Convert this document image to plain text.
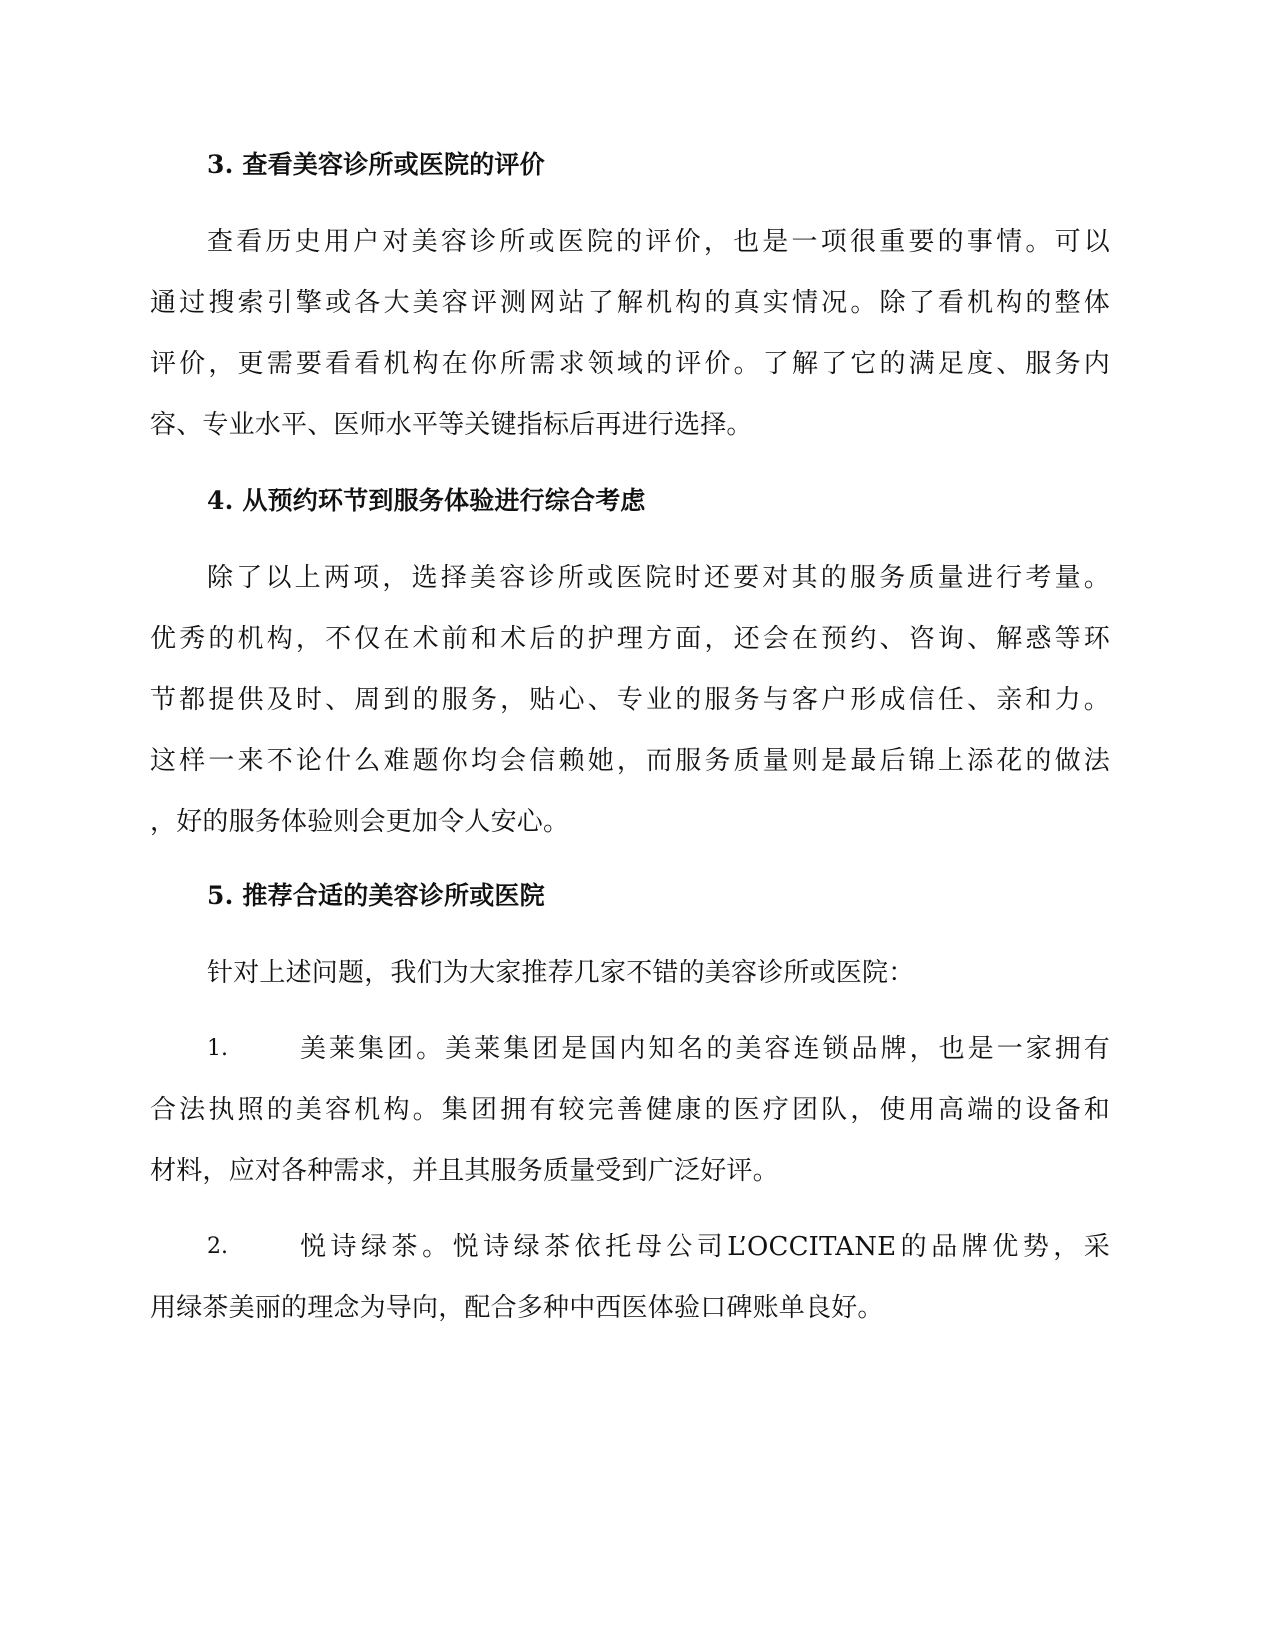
3. 查看美容诊所或医院的评价
查看历史用户对美容诊所或医院的评价，也是一项很重要的事情。可以
通过搜索引擎或各大美容评测网站了解机构的真实情况。除了看机构的整体
评价，更需要看看机构在你所需求领域的评价。了解了它的满足度、服务内
容、专业水平、医师水平等关键指标后再进行选择。
4. 从预约环节到服务体验进行综合考虑
除了以上两项，选择美容诊所或医院时还要对其的服务质量进行考量。
优秀的机构，不仅在术前和术后的护理方面，还会在预约、咨询、解惑等环
节都提供及时、周到的服务，贴心、专业的服务与客户形成信任、亲和力。
这样一来不论什么难题你均会信赖她，而服务质量则是最后锦上添花的做法
，好的服务体验则会更加令人安心。
5. 推荐合适的美容诊所或医院
针对上述问题，我们为大家推荐几家不错的美容诊所或医院：
1.	美莱集团。美莱集团是国内知名的美容连锁品牌，也是一家拥有
合法执照的美容机构。集团拥有较完善健康的医疗团队，使用高端的设备和
材料，应对各种需求，并且其服务质量受到广泛好评。
2.	悦诗绿茶。悦诗绿茶依托母公司L’OCCITANE的品牌优势，采
用绿茶美丽的理念为导向，配合多种中西医体验口碑账单良好。
